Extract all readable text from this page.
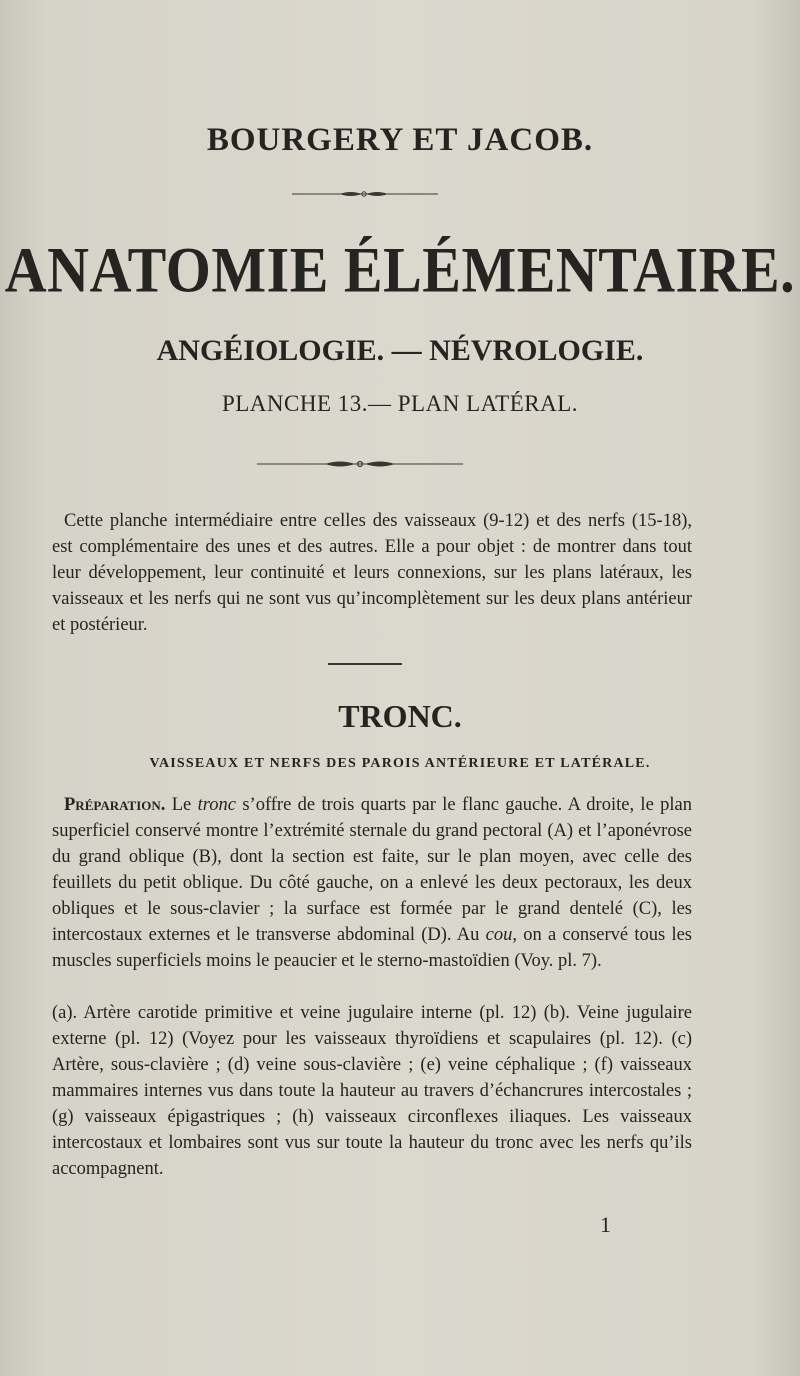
BOURGERY ET JACOB.
ANATOMIE ÉLÉMENTAIRE.
ANGÉIOLOGIE. — NÉVROLOGIE.
PLANCHE 13.— PLAN LATÉRAL.

Cette planche intermédiaire entre celles des vaisseaux (9-12) et des nerfs (15-18), est complémentaire des unes et des autres. Elle a pour objet : de montrer dans tout leur développement, leur continuité et leurs connexions, sur les plans latéraux, les vaisseaux et les nerfs qui ne sont vus qu’incomplètement sur les deux plans antérieur et postérieur.

TRONC.
VAISSEAUX ET NERFS DES PAROIS ANTÉRIEURE ET LATÉRALE.

Préparation. Le tronc s’offre de trois quarts par le flanc gauche. A droite, le plan superficiel conservé montre l’extrémité sternale du grand pectoral (A) et l’aponévrose du grand oblique (B), dont la section est faite, sur le plan moyen, avec celle des feuillets du petit oblique. Du côté gauche, on a enlevé les deux pectoraux, les deux obliques et le sous-clavier ; la surface est formée par le grand dentelé (C), les intercostaux externes et le transverse abdominal (D). Au cou, on a conservé tous les muscles superficiels moins le peaucier et le sterno-mastoïdien (Voy. pl. 7).

(a). Artère carotide primitive et veine jugulaire interne (pl. 12) (b). Veine jugulaire externe (pl. 12) (Voyez pour les vaisseaux thyroïdiens et scapulaires (pl. 12). (c) Artère, sous-clavière ; (d) veine sous-clavière ; (e) veine céphalique ; (f) vaisseaux mammaires internes vus dans toute la hauteur au travers d’échancrures intercostales ; (g) vaisseaux épigastriques ; (h) vaisseaux circonflexes iliaques. Les vaisseaux intercostaux et lombaires sont vus sur toute la hauteur du tronc avec les nerfs qu’ils accompagnent.

1
